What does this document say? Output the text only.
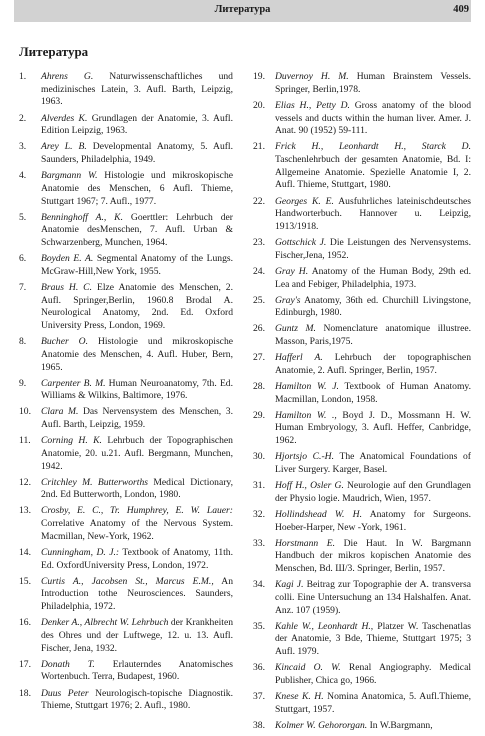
Литература	409
Литература
1.	Ahrens G. Naturwissenschaftliches und medizinisches Latein, 3. Aufl. Barth, Leipzig, 1963.
2.	Alverdes K. Grundlagen der Anatomie, 3. Aufl. Edition Leipzig, 1963.
3.	Arey L. B. Developmental Anatomy, 5. Aufl. Saunders, Philadelphia, 1949.
4.	Bargmann W. Histologie und mikroskopische Anatomie des Menschen, 6 Aufl. Thieme, Stuttgart 1967; 7. Aufl., 1977.
5.	Benninghoff A., K. Goerttler: Lehrbuch der Anatomie desMenschen, 7. Aufl. Urban & Schwarzenberg, Munchen, 1964.
6.	Boyden E. A. Segmental Anatomy of the Lungs. McGraw-Hill,New York, 1955.
7.	Braus H. C. Elze Anatomie des Menschen, 2. Aufl. Springer,Berlin, 1960.8 Brodal A. Neurological Anatomy, 2nd. Ed. Oxford University Press, London, 1969.
8.	Bucher O. Histologie und mikroskopische Anatomie des Menschen, 4. Aufl. Huber, Bern, 1965.
9.	Carpenter B. M. Human Neuroanatomy, 7th. Ed. Williams & Wilkins, Baltimore, 1976.
10.	Clara M. Das Nervensystem des Menschen, 3. Aufl. Barth, Leipzig, 1959.
11.	Corning H. K. Lehrbuch der Topographischen Anatomie, 20. u.21. Aufl. Bergmann, Munchen, 1942.
12.	Critchley M. Butterworths Medical Dictionary, 2nd. Ed Butterworth, London, 1980.
13.	Crosby, E. C., Tr. Humphrey, E. W. Lauer: Correlative Anatomy of the Nervous System. Macmillan, New-York, 1962.
14.	Cunningham, D. J.: Textbook of Anatomy, 11th. Ed. OxfordUniversity Press, London, 1972.
15.	Curtis A., Jacobsen St., Marcus E.M., An Introduction tothe Neurosciences. Saunders, Philadelphia, 1972.
16.	Denker A., Albrecht W. Lehrbuch der Krankheiten des Ohres und der Luftwege, 12. u. 13. Aufl. Fischer, Jena, 1932.
17.	Donath T. Erlauterndes Anatomisches Wortenbuch. Terra, Budapest, 1960.
18.	Duus Peter Neurologisch-topische Diagnostik. Thieme, Stuttgart 1976; 2. Aufl., 1980.
19.	Duvernoy H. M. Human Brainstem Vessels. Springer, Berlin,1978.
20.	Elias H., Petty D. Gross anatomy of the blood vessels and ducts within the human liver. Amer. J. Anat. 90 (1952) 59-111.
21.	Frick H., Leonhardt H., Starck D. Taschenlehrbuch der gesamten Anatomie, Bd. I: Allgemeine Anatomie. Spezielle Anatomie I, 2. Aufl. Thieme, Stuttgart, 1980.
22.	Georges K. E. Ausfuhrliches lateinischdeutsches Handworterbuch. Hannover u. Leipzig, 1913/1918.
23.	Gottschick J. Die Leistungen des Nervensystems. Fischer,Jena, 1952.
24.	Gray H. Anatomy of the Human Body, 29th ed. Lea and Febiger, Philadelphia, 1973.
25.	Gray's Anatomy, 36th ed. Churchill Livingstone, Edinburgh, 1980.
26.	Guntz M. Nomenclature anatomique illustree. Masson, Paris,1975.
27.	Hafferl A. Lehrbuch der topographischen Anatomie, 2. Aufl. Springer, Berlin, 1957.
28.	Hamilton W. J. Textbook of Human Anatomy. Macmillan, London, 1958.
29.	Hamilton W. ., Boyd J. D., Mossmann H. W. Human Embryology, 3. Aufl. Heffer, Canbridge, 1962.
30.	Hjortsjo C.-H. The Anatomical Foundations of Liver Surgery. Karger, Basel.
31.	Hoff H., Osler G. Neurologie auf den Grundlagen der Physio logie. Maudrich, Wien, 1957.
32.	Hollindshead W. H. Anatomy for Surgeons. Hoeber-Harper, New -York, 1961.
33.	Horstmann E. Die Haut. In W. Bargmann Handbuch der mikros kopischen Anatomie des Menschen, Bd. Ш/3. Springer, Berlin, 1957.
34.	Kagi J. Beitrag zur Topographie der A. transversa colli. Eine Untersuchung an 134 Halshalfen. Anat. Anz. 107 (1959).
35.	Kahle W., Leonhardt H., Platzer W. Taschenatlas der Anatomie, 3 Bde, Thieme, Stuttgart 1975; 3 Aufl. 1979.
36.	Kincaid O. W. Renal Angiography. Medical Publisher, Chica go, 1966.
37.	Knese K. H. Nomina Anatomica, 5. Aufl.Thieme, Stuttgart, 1957.
38.	Kolmer W. Gehororgan. In W.Bargmann,
